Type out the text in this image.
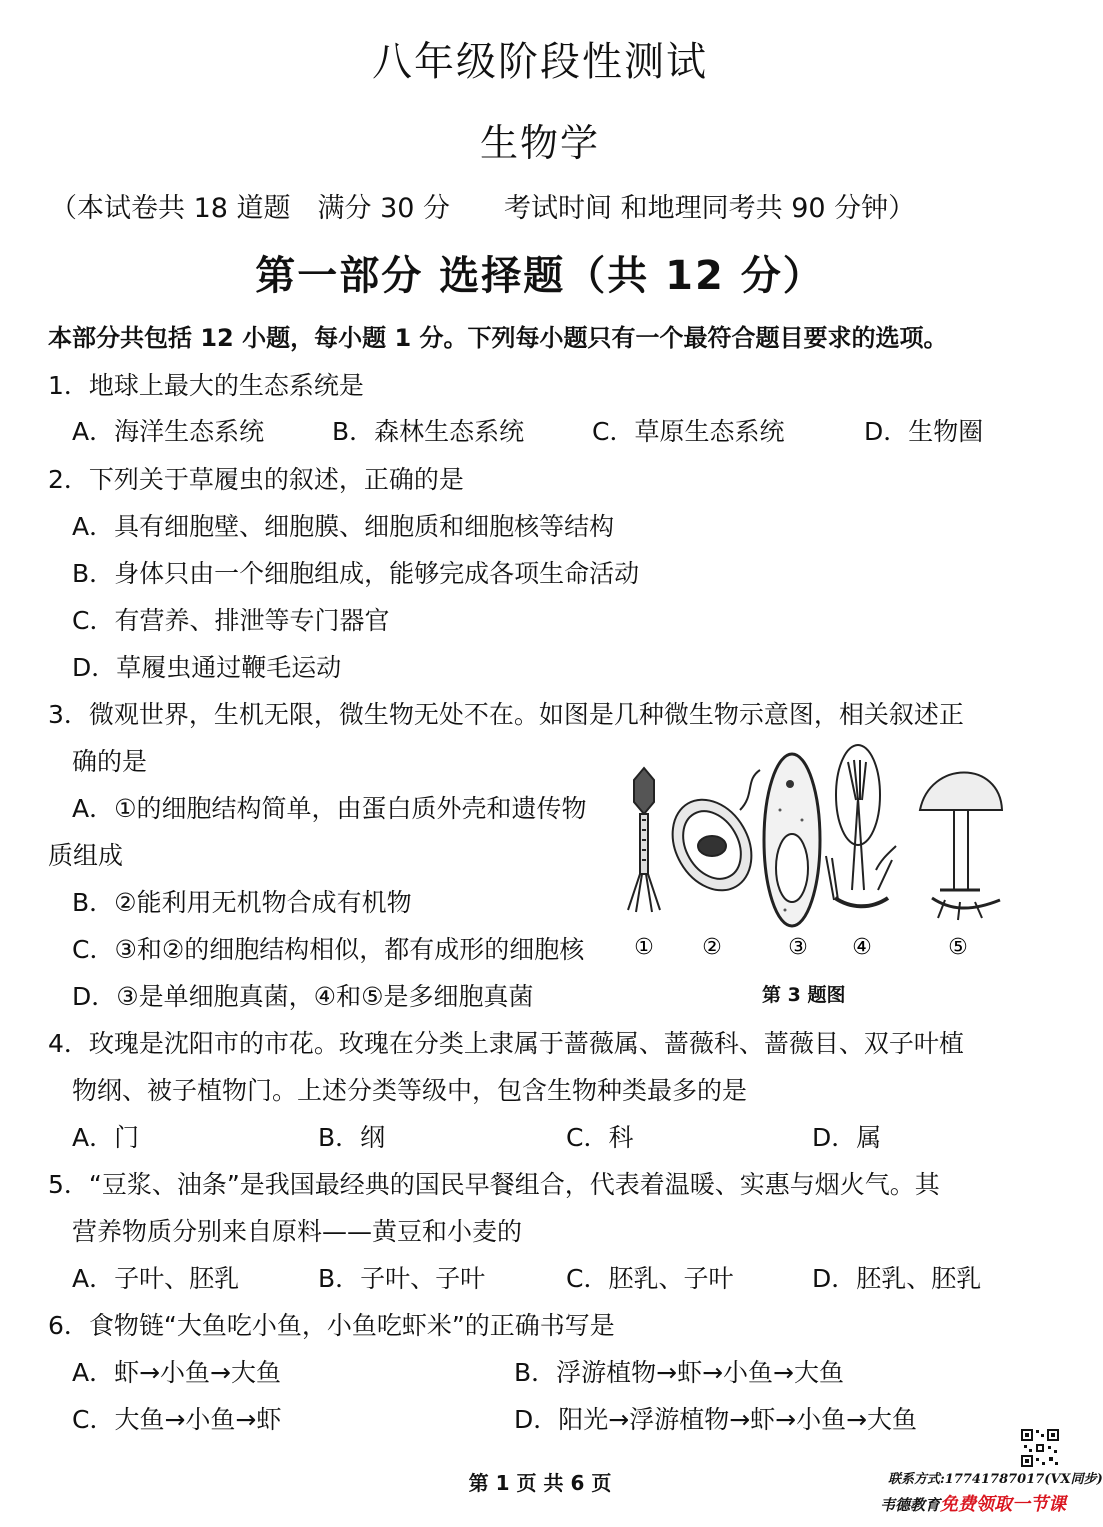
八年级阶段性测试
生物学
（本试卷共 18 道题　满分 30 分　　考试时间 和地理同考共 90 分钟）
第一部分 选择题（共 12 分）
本部分共包括 12 小题，每小题 1 分。下列每小题只有一个最符合题目要求的选项。
1．地球上最大的生态系统是
A．海洋生态系统	B．森林生态系统	C．草原生态系统	D．生物圈
2．下列关于草履虫的叙述，正确的是
A．具有细胞壁、细胞膜、细胞质和细胞核等结构
B．身体只由一个细胞组成，能够完成各项生命活动
C．有营养、排泄等专门器官
D．草履虫通过鞭毛运动
3．微观世界，生机无限，微生物无处不在。如图是几种微生物示意图，相关叙述正
确的是
A．①的细胞结构简单，由蛋白质外壳和遗传物
质组成
B．②能利用无机物合成有机物
C．③和②的细胞结构相似，都有成形的细胞核
D．③是单细胞真菌，④和⑤是多细胞真菌
① ②	③ ④	⑤
第 3 题图
4．玫瑰是沈阳市的市花。玫瑰在分类上隶属于蔷薇属、蔷薇科、蔷薇目、双子叶植
物纲、被子植物门。上述分类等级中，包含生物种类最多的是
A．门	B．纲	C．科	D．属
5．“豆浆、油条”是我国最经典的国民早餐组合，代表着温暖、实惠与烟火气。其
营养物质分别来自原料——黄豆和小麦的
A．子叶、胚乳	B．子叶、子叶	C．胚乳、子叶	D．胚乳、胚乳
6．食物链“大鱼吃小鱼，小鱼吃虾米”的正确书写是
A．虾→小鱼→大鱼	B．浮游植物→虾→小鱼→大鱼
C．大鱼→小鱼→虾	D．阳光→浮游植物→虾→小鱼→大鱼
第 1 页 共 6 页	联系方式:17741787017(VX同步)
韦德教育免费领取一节课
